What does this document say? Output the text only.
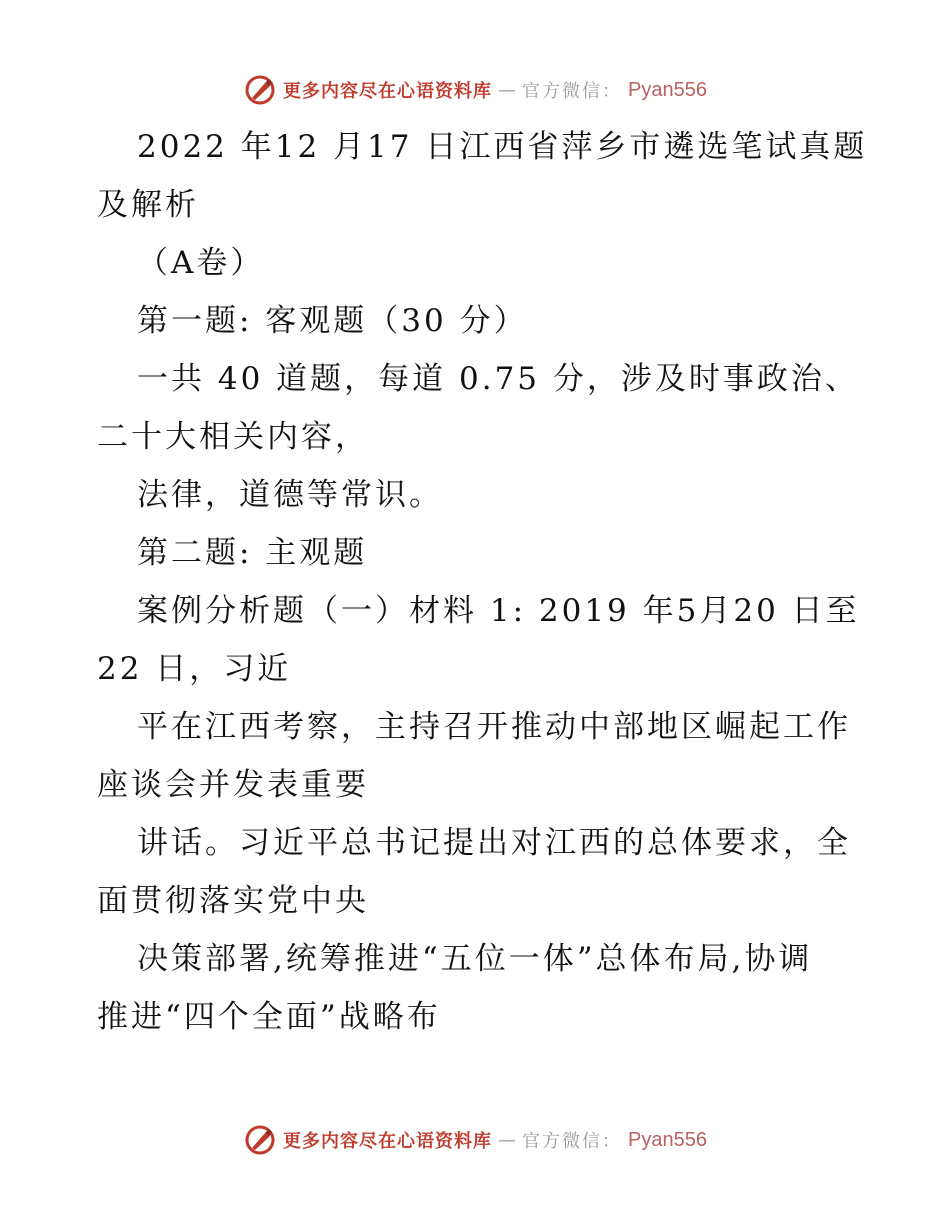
更多内容尽在心语资料库 — 官方微信： Pyan556

2022 年12 月17 日江西省萍乡市遴选笔试真题

及解析

（A卷）

第一题: 客观题（30 分）

一共 40 道题，每道 0.75 分，涉及时事政治、

二十大相关内容，

法律，道德等常识。

第二题: 主观题

案例分析题（一）材料 1: 2019 年5月20 日至

22 日，习近

平在江西考察，主持召开推动中部地区崛起工作

座谈会并发表重要

讲话。习近平总书记提出对江西的总体要求，全

面贯彻落实党中央

决策部署,统筹推进“五位一体”总体布局,协调

推进“四个全面”战略布

更多内容尽在心语资料库 — 官方微信： Pyan556
